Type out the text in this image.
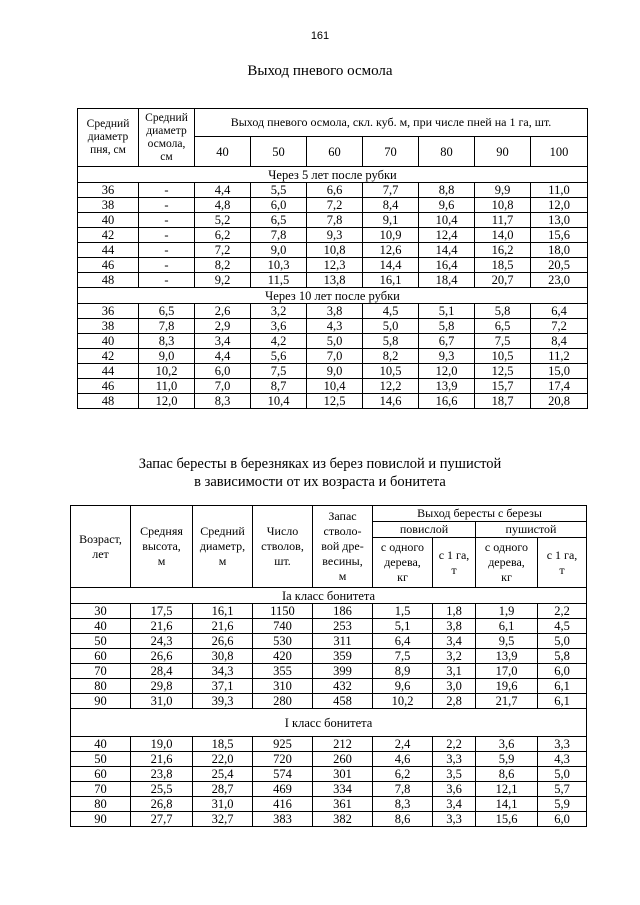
161
Выход пневого осмола
Средний
диаметр
пня, см	Средний
диаметр
осмола,
см	Выход пневого осмола, скл. куб. м, при числе пней на 1 га, шт.						
		40	50	60	70	80	90	100
Через 5 лет после рубки								
36	-	4,4	5,5	6,6	7,7	8,8	9,9	11,0
38	-	4,8	6,0	7,2	8,4	9,6	10,8	12,0
40	-	5,2	6,5	7,8	9,1	10,4	11,7	13,0
42	-	6,2	7,8	9,3	10,9	12,4	14,0	15,6
44	-	7,2	9,0	10,8	12,6	14,4	16,2	18,0
46	-	8,2	10,3	12,3	14,4	16,4	18,5	20,5
48	-	9,2	11,5	13,8	16,1	18,4	20,7	23,0
Через 10 лет после рубки								
36	6,5	2,6	3,2	3,8	4,5	5,1	5,8	6,4
38	7,8	2,9	3,6	4,3	5,0	5,8	6,5	7,2
40	8,3	3,4	4,2	5,0	5,8	6,7	7,5	8,4
42	9,0	4,4	5,6	7,0	8,2	9,3	10,5	11,2
44	10,2	6,0	7,5	9,0	10,5	12,0	12,5	15,0
46	11,0	7,0	8,7	10,4	12,2	13,9	15,7	17,4
48	12,0	8,3	10,4	12,5	14,6	16,6	18,7	20,8
Запас бересты в березняках из берез повислой и пушистой
в зависимости от их возраста и бонитета
Возраст,
лет	Средняя
высота,
м	Средний
диаметр,
м	Число
стволов,
шт.	Запас
стволо-
вой дре-
весины,
м	Выход бересты с березы			
					повислой		пушистой	
					с одного
дерева,
кг	с 1 га,
т	с одного
дерева,
кг	с 1 га,
т
Iа класс бонитета								
30	17,5	16,1	1150	186	1,5	1,8	1,9	2,2
40	21,6	21,6	740	253	5,1	3,8	6,1	4,5
50	24,3	26,6	530	311	6,4	3,4	9,5	5,0
60	26,6	30,8	420	359	7,5	3,2	13,9	5,8
70	28,4	34,3	355	399	8,9	3,1	17,0	6,0
80	29,8	37,1	310	432	9,6	3,0	19,6	6,1
90	31,0	39,3	280	458	10,2	2,8	21,7	6,1
I класс бонитета								
40	19,0	18,5	925	212	2,4	2,2	3,6	3,3
50	21,6	22,0	720	260	4,6	3,3	5,9	4,3
60	23,8	25,4	574	301	6,2	3,5	8,6	5,0
70	25,5	28,7	469	334	7,8	3,6	12,1	5,7
80	26,8	31,0	416	361	8,3	3,4	14,1	5,9
90	27,7	32,7	383	382	8,6	3,3	15,6	6,0
